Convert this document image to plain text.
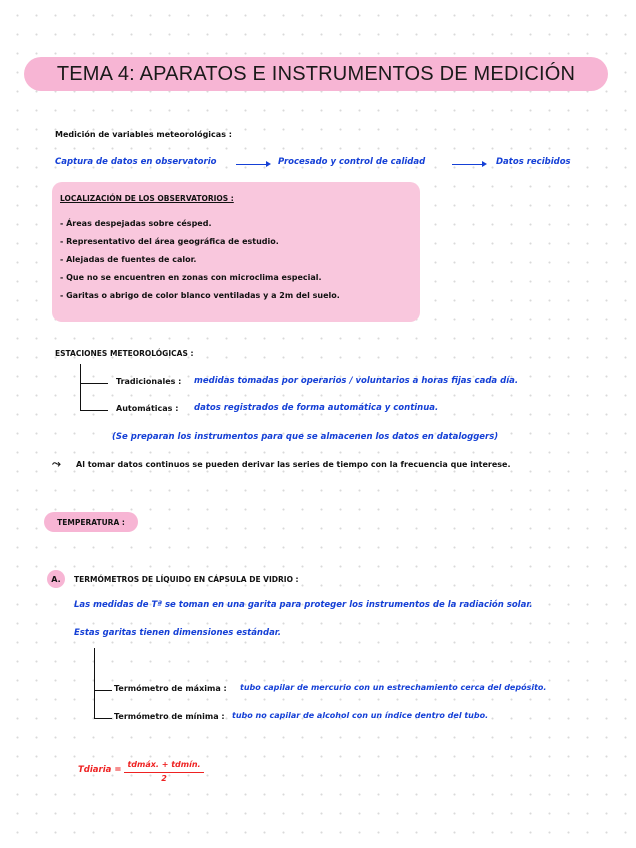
TEMA 4: APARATOS E INSTRUMENTOS DE MEDICIÓN
Medición de variables meteorológicas :
Captura de datos en observatorio	Procesado y control de calidad	Datos recibidos
LOCALIZACIÓN DE LOS OBSERVATORIOS :
- Áreas despejadas sobre césped.
- Representativo del área geográfica de estudio.
- Alejadas de fuentes de calor.
- Que no se encuentren en zonas con microclima especial.
- Garitas o abrigo de color blanco ventiladas y a 2m del suelo.
ESTACIONES METEOROLÓGICAS :
Tradicionales : medidas tomadas por operarios / voluntarios a horas fijas cada día.
Automáticas : datos registrados de forma automática y continua.
(Se preparan los instrumentos para que se almacenen los datos en dataloggers)
⤳ Al tomar datos continuos se pueden derivar las series de tiempo con la frecuencia que interese.
TEMPERATURA :
A.	TERMÓMETROS DE LÍQUIDO EN CÁPSULA DE VIDRIO :
Las medidas de Tª se toman en una garita para proteger los instrumentos de la radiación solar.
Estas garitas tienen dimensiones estándar.
Termómetro de máxima : tubo capilar de mercurio con un estrechamiento cerca del depósito.
Termómetro de mínima : tubo no capilar de alcohol con un índice dentro del tubo.
Tdiaria =
tdmáx. + tdmín.
2
